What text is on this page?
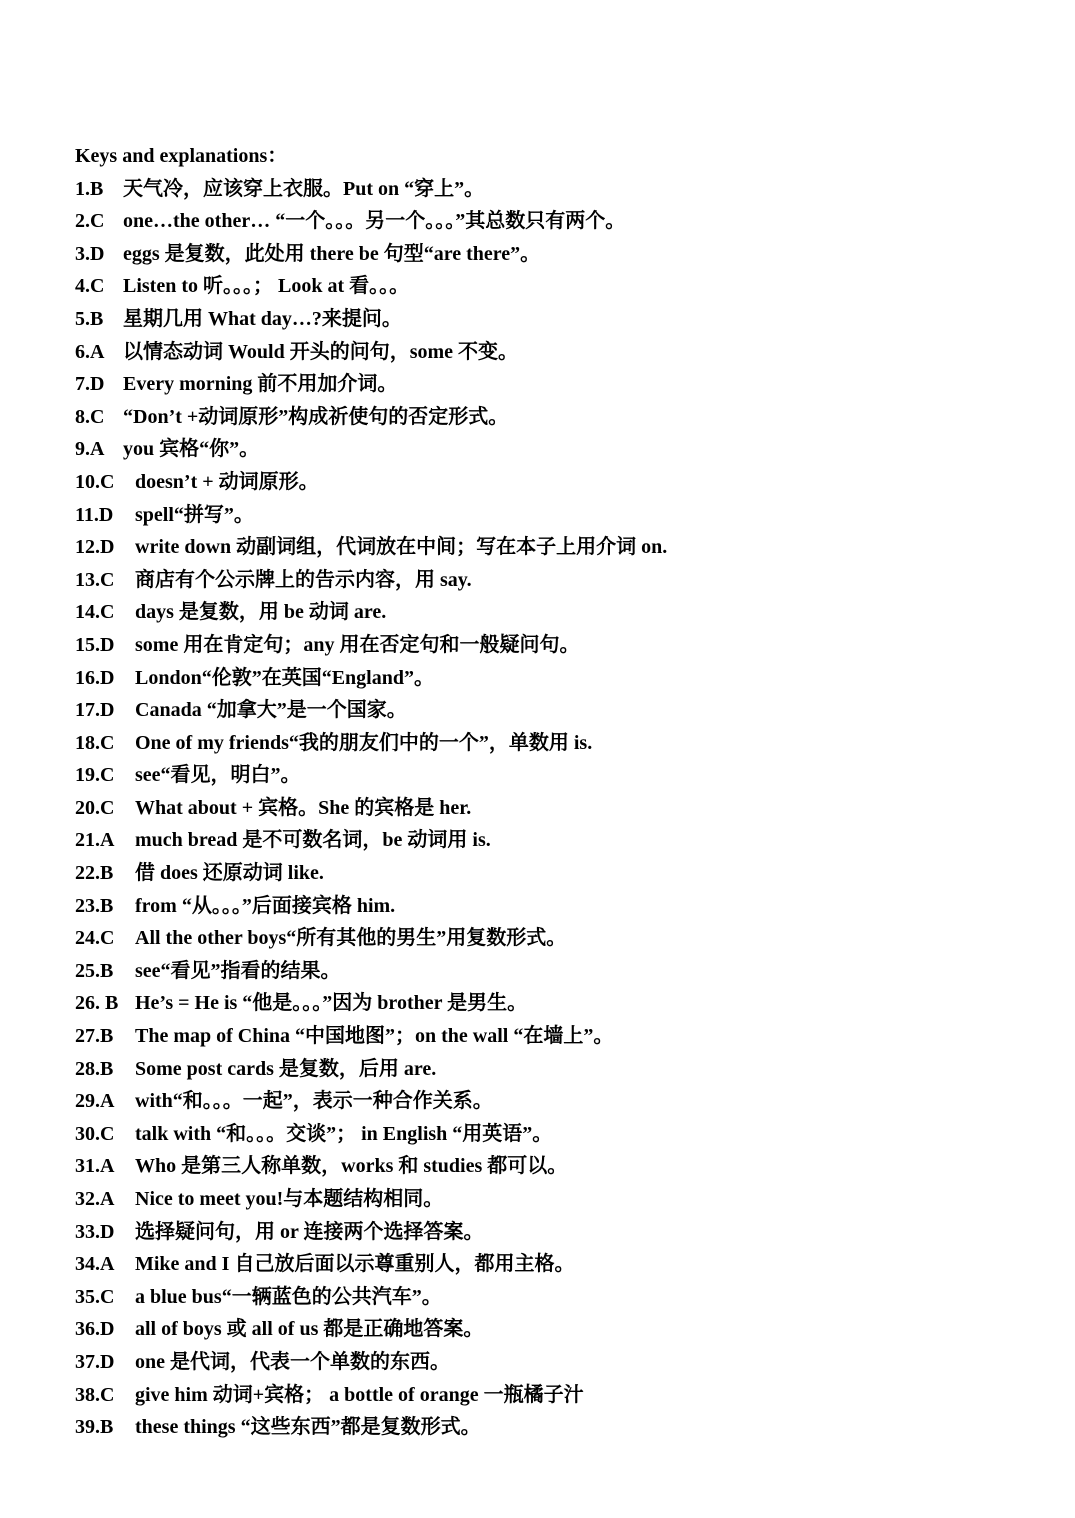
Keys and explanations：
1.B 天气冷，应该穿上衣服。Put on “穿上”。
2.C one…the other… “一个。。。另一个。。。”其总数只有两个。
3.D eggs 是复数，此处用 there be 句型“are there”。
4.C Listen to 听。。。； Look at 看。。。
5.B 星期几用 What day…?来提问。
6.A 以情态动词 Would 开头的问句，some 不变。
7.D Every morning 前不用加介词。
8.C “Don’t +动词原形”构成祈使句的否定形式。
9.A you 宾格“你”。
10.C	doesn’t + 动词原形。
11.D	spell“拼写”。
12.D	write down 动副词组，代词放在中间；写在本子上用介词 on.
13.C	商店有个公示牌上的告示内容，用 say.
14.C	days 是复数，用 be 动词 are.
15.D	some 用在肯定句；any 用在否定句和一般疑问句。
16.D	London“伦敦”在英国“England”。
17.D	Canada “加拿大”是一个国家。
18.C	One of my friends“我的朋友们中的一个”，单数用 is.
19.C	see“看见，明白”。
20.C	What about + 宾格。She 的宾格是 her.
21.A	much bread 是不可数名词，be 动词用 is.
22.B	借 does 还原动词 like.
23.B	from “从。。。”后面接宾格 him.
24.C	All the other boys“所有其他的男生”用复数形式。
25.B	see“看见”指看的结果。
26. B He’s = He is “他是。。。”因为 brother 是男生。
27.B	The map of China “中国地图”；on the wall “在墙上”。
28.B	Some post cards 是复数，后用 are.
29.A	with“和。。。一起”，表示一种合作关系。
30.C	talk with “和。。。交谈”； in English “用英语”。
31.A	Who 是第三人称单数，works 和 studies 都可以。
32.A	Nice to meet you!与本题结构相同。
33.D	选择疑问句，用 or 连接两个选择答案。
34.A	Mike and I 自己放后面以示尊重别人，都用主格。
35.C	a blue bus“一辆蓝色的公共汽车”。
36.D	all of boys 或 all of us 都是正确地答案。
37.D	one 是代词，代表一个单数的东西。
38.C	give him 动词+宾格； a bottle of orange 一瓶橘子汁
39.B	these things “这些东西”都是复数形式。
